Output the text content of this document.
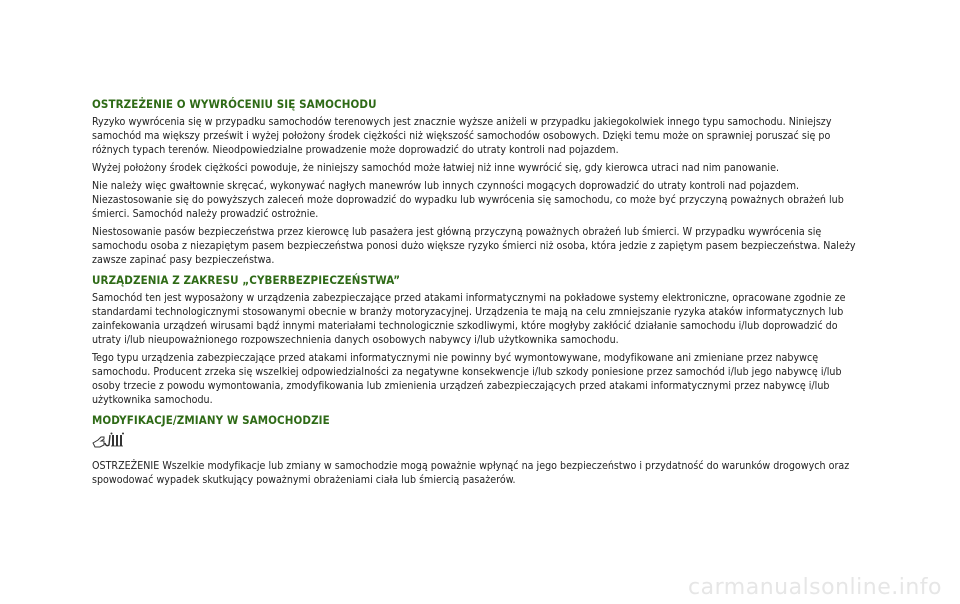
OSTRZEŻENIE O WYWRÓCENIU SIĘ SAMOCHODU

Ryzyko wywrócenia się w przypadku samochodów terenowych jest znacznie wyższe aniżeli w przypadku jakiegokolwiek innego typu samochodu. Niniejszy samochód ma większy prześwit i wyżej położony środek ciężkości niż większość samochodów osobowych. Dzięki temu może on sprawniej poruszać się po różnych typach terenów. Nieodpowiedzialne prowadzenie może doprowadzić do utraty kontroli nad pojazdem.

Wyżej położony środek ciężkości powoduje, że niniejszy samochód może łatwiej niż inne wywrócić się, gdy kierowca utraci nad nim panowanie.

Nie należy więc gwałtownie skręcać, wykonywać nagłych manewrów lub innych czynności mogących doprowadzić do utraty kontroli nad pojazdem. Niezastosowanie się do powyższych zaleceń może doprowadzić do wypadku lub wywrócenia się samochodu, co może być przyczyną poważnych obrażeń lub śmierci. Samochód należy prowadzić ostrożnie.

Niestosowanie pasów bezpieczeństwa przez kierowcę lub pasażera jest główną przyczyną poważnych obrażeń lub śmierci. W przypadku wywrócenia się samochodu osoba z niezapiętym pasem bezpieczeństwa ponosi dużo większe ryzyko śmierci niż osoba, która jedzie z zapiętym pasem bezpieczeństwa. Należy zawsze zapinać pasy bezpieczeństwa.

URZĄDZENIA Z ZAKRESU „CYBERBEZPIECZEŃSTWA”

Samochód ten jest wyposażony w urządzenia zabezpieczające przed atakami informatycznymi na pokładowe systemy elektroniczne, opracowane zgodnie ze standardami technologicznymi stosowanymi obecnie w branży motoryzacyjnej. Urządzenia te mają na celu zmniejszanie ryzyka ataków informatycznych lub zainfekowania urządzeń wirusami bądź innymi materiałami technologicznie szkodliwymi, które mogłyby zakłócić działanie samochodu i/lub doprowadzić do utraty i/lub nieupoważnionego rozpowszechnienia danych osobowych nabywcy i/lub użytkownika samochodu.

Tego typu urządzenia zabezpieczające przed atakami informatycznymi nie powinny być wymontowywane, modyfikowane ani zmieniane przez nabywcę samochodu. Producent zrzeka się wszelkiej odpowiedzialności za negatywne konsekwencje i/lub szkody poniesione przez samochód i/lub jego nabywcę i/lub osoby trzecie z powodu wymontowania, zmodyfikowania lub zmienienia urządzeń zabezpieczających przed atakami informatycznymi przez nabywcę i/lub użytkownika samochodu.

MODYFIKACJE/ZMIANY W SAMOCHODZIE

OSTRZEŻENIE Wszelkie modyfikacje lub zmiany w samochodzie mogą poważnie wpłynąć na jego bezpieczeństwo i przydatność do warunków drogowych oraz spowodować wypadek skutkujący poważnymi obrażeniami ciała lub śmiercią pasażerów.

carmanualsonline.info
